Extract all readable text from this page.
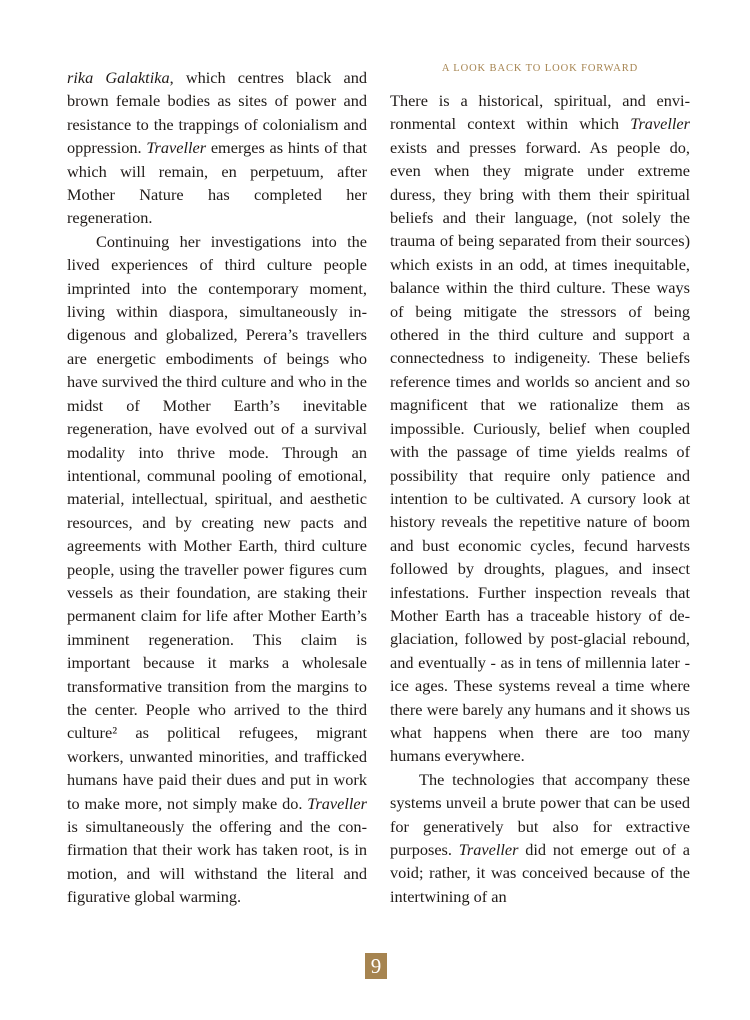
A LOOK BACK TO LOOK FORWARD

rika Galaktika, which centres black and brown female bodies as sites of power and resistance to the trappings of colonialism and oppression. Traveller emerges as hints of that which will remain, en perpetuum, after Mother Nature has completed her regeneration.

Continuing her investigations into the lived experiences of third culture people imprinted into the contemporary moment, living within diaspora, simultaneously indigenous and globalized, Perera’s travellers are energetic embodiments of beings who have survived the third culture and who in the midst of Mother Earth’s inevitable regeneration, have evolved out of a survival modality into thrive mode. Through an intentional, communal pooling of emotional, material, intellectual, spiritual, and aesthetic resources, and by creating new pacts and agreements with Mother Earth, third culture people, using the traveller power figures cum vessels as their foundation, are staking their permanent claim for life after Mother Earth’s imminent regeneration. This claim is important because it marks a wholesale transformative transition from the margins to the center. People who arrived to the third culture² as political refugees, migrant workers, unwanted minorities, and trafficked humans have paid their dues and put in work to make more, not simply make do. Traveller is simultaneously the offering and the confirmation that their work has taken root, is in motion, and will withstand the literal and figurative global warming.

There is a historical, spiritual, and environmental context within which Traveller exists and presses forward. As people do, even when they migrate under extreme duress, they bring with them their spiritual beliefs and their language, (not solely the trauma of being separated from their sources) which exists in an odd, at times inequitable, balance within the third culture. These ways of being mitigate the stressors of being othered in the third culture and support a connectedness to indigeneity. These beliefs reference times and worlds so ancient and so magnificent that we rationalize them as impossible. Curiously, belief when coupled with the passage of time yields realms of possibility that require only patience and intention to be cultivated. A cursory look at history reveals the repetitive nature of boom and bust economic cycles, fecund harvests followed by droughts, plagues, and insect infestations. Further inspection reveals that Mother Earth has a traceable history of de-glaciation, followed by post-glacial rebound, and eventually - as in tens of millennia later - ice ages. These systems reveal a time where there were barely any humans and it shows us what happens when there are too many humans everywhere.

The technologies that accompany these systems unveil a brute power that can be used for generatively but also for extractive purposes. Traveller did not emerge out of a void; rather, it was conceived because of the intertwining of an

9
